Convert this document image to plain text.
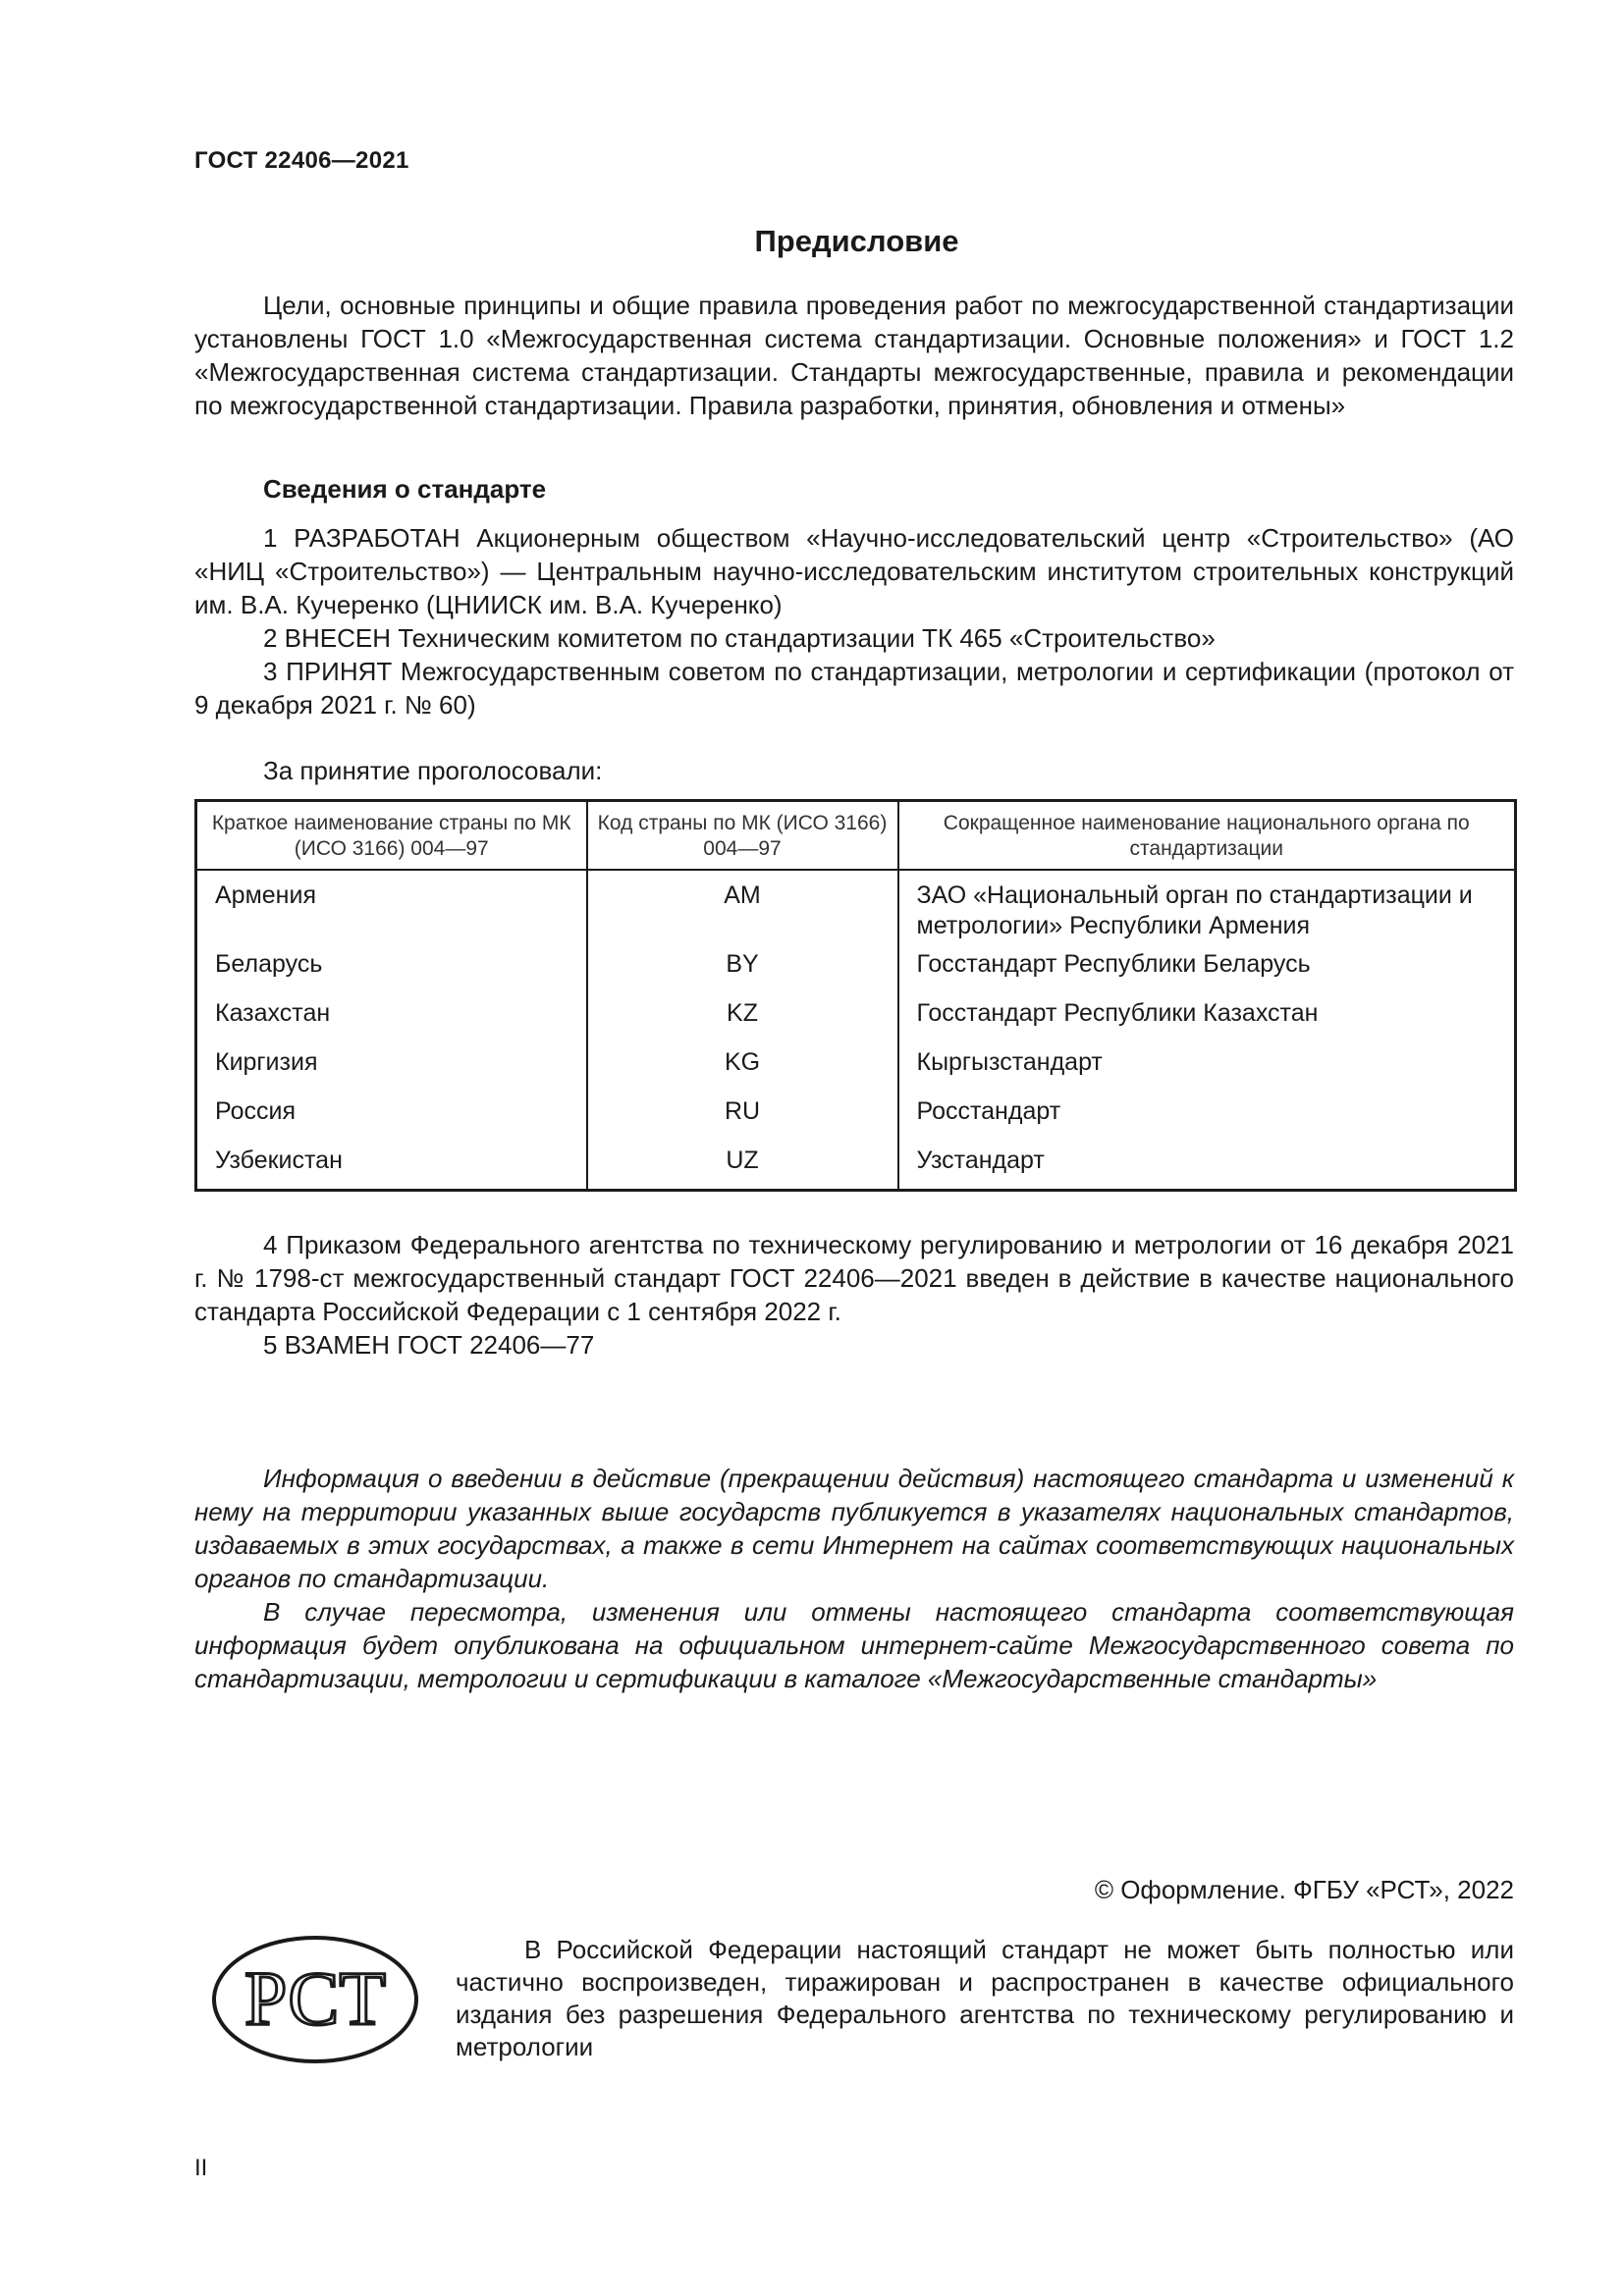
ГОСТ 22406—2021
Предисловие

Цели, основные принципы и общие правила проведения работ по межгосударственной стандартизации установлены ГОСТ 1.0 «Межгосударственная система стандартизации. Основные положения» и ГОСТ 1.2 «Межгосударственная система стандартизации. Стандарты межгосударственные, правила и рекомендации по межгосударственной стандартизации. Правила разработки, принятия, обновления и отмены»

Сведения о стандарте

1 РАЗРАБОТАН Акционерным обществом «Научно-исследовательский центр «Строительство» (АО «НИЦ «Строительство») — Центральным научно-исследовательским институтом строительных конструкций им. В.А. Кучеренко (ЦНИИСК им. В.А. Кучеренко)

2 ВНЕСЕН Техническим комитетом по стандартизации ТК 465 «Строительство»

3 ПРИНЯТ Межгосударственным советом по стандартизации, метрологии и сертификации (протокол от 9 декабря 2021 г. № 60)

За принятие проголосовали:
Краткое наименование страны по МК (ИСО 3166) 004—97	Код страны по МК (ИСО 3166) 004—97	Сокращенное наименование национального органа по стандартизации
Армения	AM	ЗАО «Национальный орган по стандартизации и метрологии» Республики Армения
Беларусь	BY	Госстандарт Республики Беларусь
Казахстан	KZ	Госстандарт Республики Казахстан
Киргизия	KG	Кыргызстандарт
Россия	RU	Росстандарт
Узбекистан	UZ	Узстандарт

4 Приказом Федерального агентства по техническому регулированию и метрологии от 16 декабря 2021 г. № 1798-ст межгосударственный стандарт ГОСТ 22406—2021 введен в действие в качестве национального стандарта Российской Федерации с 1 сентября 2022 г.

5 ВЗАМЕН ГОСТ 22406—77

Информация о введении в действие (прекращении действия) настоящего стандарта и изменений к нему на территории указанных выше государств публикуется в указателях национальных стандартов, издаваемых в этих государствах, а также в сети Интернет на сайтах соответствующих национальных органов по стандартизации.

В случае пересмотра, изменения или отмены настоящего стандарта соответствующая информация будет опубликована на официальном интернет-сайте Межгосударственного совета по стандартизации, метрологии и сертификации в каталоге «Межгосударственные стандарты»

© Оформление. ФГБУ «РСТ», 2022
РСТ

В Российской Федерации настоящий стандарт не может быть полностью или частично воспроизведен, тиражирован и распространен в качестве официального издания без разрешения Федерального агентства по техническому регулированию и метрологии

II
